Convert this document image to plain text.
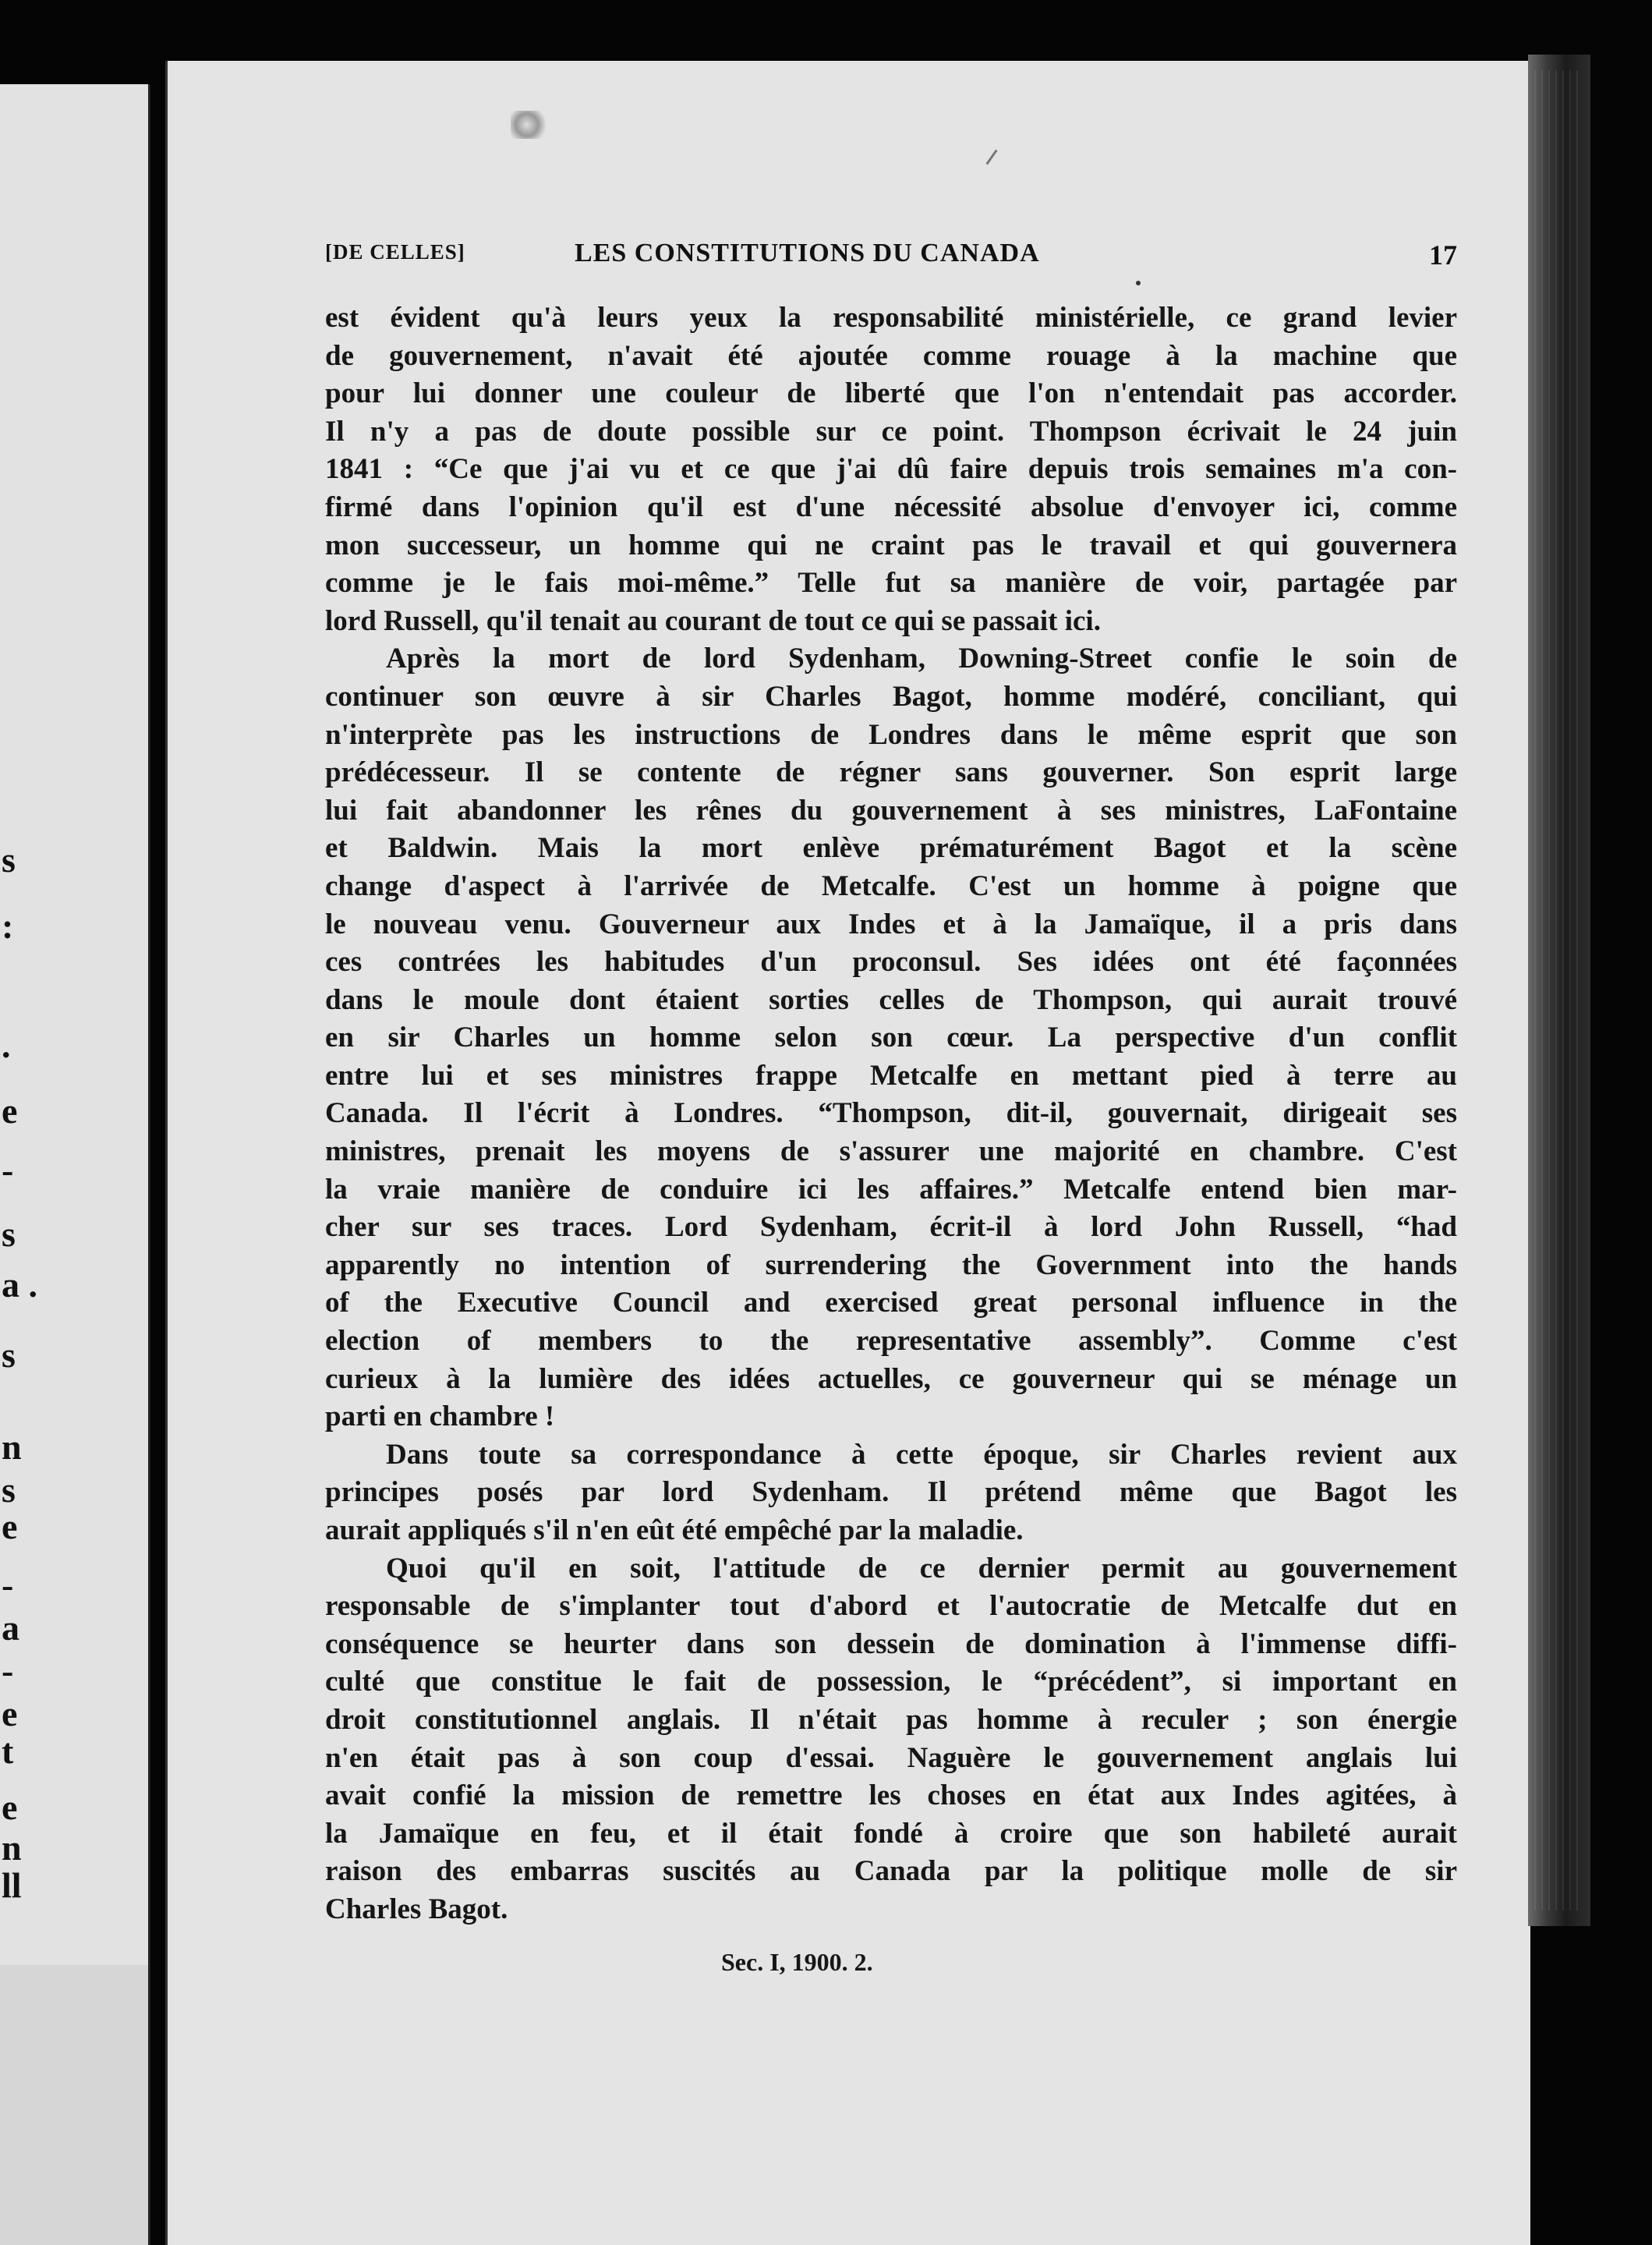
s
:
.
e
-
s
a .
s
n
s
e
-
a
-
e
t
e
n
ll
[DE CELLES]	LES CONSTITUTIONS DU CANADA	17
est évident qu'à leurs yeux la responsabilité ministérielle, ce grand levier
de gouvernement, n'avait été ajoutée comme rouage à la machine que
pour lui donner une couleur de liberté que l'on n'entendait pas accorder.
Il n'y a pas de doute possible sur ce point. Thompson écrivait le 24 juin
1841 : “Ce que j'ai vu et ce que j'ai dû faire depuis trois semaines m'a con-
firmé dans l'opinion qu'il est d'une nécessité absolue d'envoyer ici, comme
mon successeur, un homme qui ne craint pas le travail et qui gouvernera
comme je le fais moi-même.” Telle fut sa manière de voir, partagée par
lord Russell, qu'il tenait au courant de tout ce qui se passait ici.
Après la mort de lord Sydenham, Downing-Street confie le soin de
continuer son œuvre à sir Charles Bagot, homme modéré, conciliant, qui
n'interprète pas les instructions de Londres dans le même esprit que son
prédécesseur. Il se contente de régner sans gouverner. Son esprit large
lui fait abandonner les rênes du gouvernement à ses ministres, LaFontaine
et Baldwin. Mais la mort enlève prématurément Bagot et la scène
change d'aspect à l'arrivée de Metcalfe. C'est un homme à poigne que
le nouveau venu. Gouverneur aux Indes et à la Jamaïque, il a pris dans
ces contrées les habitudes d'un proconsul. Ses idées ont été façonnées
dans le moule dont étaient sorties celles de Thompson, qui aurait trouvé
en sir Charles un homme selon son cœur. La perspective d'un conflit
entre lui et ses ministres frappe Metcalfe en mettant pied à terre au
Canada. Il l'écrit à Londres. “Thompson, dit-il, gouvernait, dirigeait ses
ministres, prenait les moyens de s'assurer une majorité en chambre. C'est
la vraie manière de conduire ici les affaires.” Metcalfe entend bien mar-
cher sur ses traces. Lord Sydenham, écrit-il à lord John Russell, “had
apparently no intention of surrendering the Government into the hands
of the Executive Council and exercised great personal influence in the
election of members to the representative assembly”. Comme c'est
curieux à la lumière des idées actuelles, ce gouverneur qui se ménage un
parti en chambre !
Dans toute sa correspondance à cette époque, sir Charles revient aux
principes posés par lord Sydenham. Il prétend même que Bagot les
aurait appliqués s'il n'en eût été empêché par la maladie.
Quoi qu'il en soit, l'attitude de ce dernier permit au gouvernement
responsable de s'implanter tout d'abord et l'autocratie de Metcalfe dut en
conséquence se heurter dans son dessein de domination à l'immense diffi-
culté que constitue le fait de possession, le “précédent”, si important en
droit constitutionnel anglais. Il n'était pas homme à reculer ; son énergie
n'en était pas à son coup d'essai. Naguère le gouvernement anglais lui
avait confié la mission de remettre les choses en état aux Indes agitées, à
la Jamaïque en feu, et il était fondé à croire que son habileté aurait
raison des embarras suscités au Canada par la politique molle de sir
Charles Bagot.
Sec. I, 1900. 2.
